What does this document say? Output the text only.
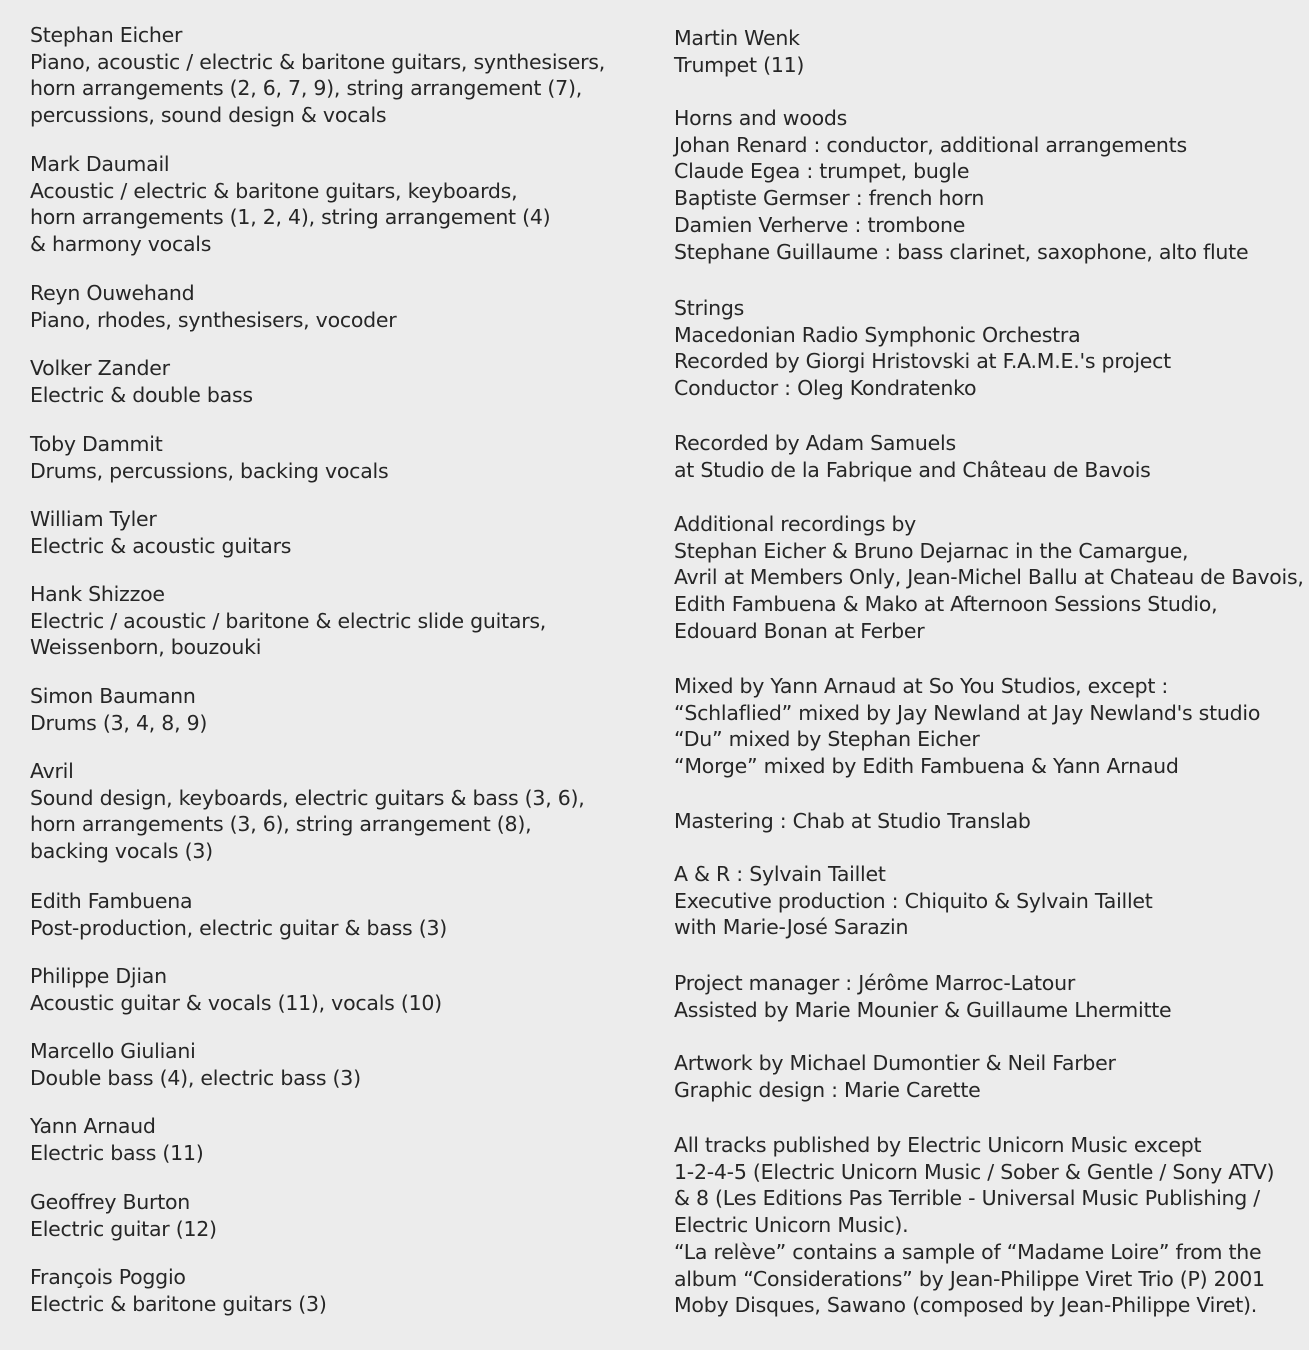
Stephan Eicher
Piano, acoustic / electric & baritone guitars, synthesisers,
horn arrangements (2, 6, 7, 9), string arrangement (7),
percussions, sound design & vocals
Mark Daumail
Acoustic / electric & baritone guitars, keyboards,
horn arrangements (1, 2, 4), string arrangement (4)
& harmony vocals
Reyn Ouwehand
Piano, rhodes, synthesisers, vocoder
Volker Zander
Electric & double bass
Toby Dammit
Drums, percussions, backing vocals
William Tyler
Electric & acoustic guitars
Hank Shizzoe
Electric / acoustic / baritone & electric slide guitars,
Weissenborn, bouzouki
Simon Baumann
Drums (3, 4, 8, 9)
Avril
Sound design, keyboards, electric guitars & bass (3, 6),
horn arrangements (3, 6), string arrangement (8),
backing vocals (3)
Edith Fambuena
Post-production, electric guitar & bass (3)
Philippe Djian
Acoustic guitar & vocals (11), vocals (10)
Marcello Giuliani
Double bass (4), electric bass (3)
Yann Arnaud
Electric bass (11)
Geoffrey Burton
Electric guitar (12)
François Poggio
Electric & baritone guitars (3)
Martin Wenk
Trumpet (11)
Horns and woods
Johan Renard : conductor, additional arrangements
Claude Egea : trumpet, bugle
Baptiste Germser : french horn
Damien Verherve : trombone
Stephane Guillaume : bass clarinet, saxophone, alto flute
Strings
Macedonian Radio Symphonic Orchestra
Recorded by Giorgi Hristovski at F.A.M.E.'s project
Conductor : Oleg Kondratenko
Recorded by Adam Samuels
at Studio de la Fabrique and Château de Bavois
Additional recordings by
Stephan Eicher & Bruno Dejarnac in the Camargue,
Avril at Members Only, Jean-Michel Ballu at Chateau de Bavois,
Edith Fambuena & Mako at Afternoon Sessions Studio,
Edouard Bonan at Ferber
Mixed by Yann Arnaud at So You Studios, except :
“Schlaflied” mixed by Jay Newland at Jay Newland's studio
“Du” mixed by Stephan Eicher
“Morge” mixed by Edith Fambuena & Yann Arnaud
Mastering : Chab at Studio Translab
A & R : Sylvain Taillet
Executive production : Chiquito & Sylvain Taillet
with Marie-José Sarazin
Project manager : Jérôme Marroc-Latour
Assisted by Marie Mounier & Guillaume Lhermitte
Artwork by Michael Dumontier & Neil Farber
Graphic design : Marie Carette
All tracks published by Electric Unicorn Music except
1-2-4-5 (Electric Unicorn Music / Sober & Gentle / Sony ATV)
& 8 (Les Editions Pas Terrible - Universal Music Publishing /
Electric Unicorn Music).
“La relève” contains a sample of “Madame Loire” from the
album “Considerations” by Jean-Philippe Viret Trio (P) 2001
Moby Disques, Sawano (composed by Jean-Philippe Viret).
